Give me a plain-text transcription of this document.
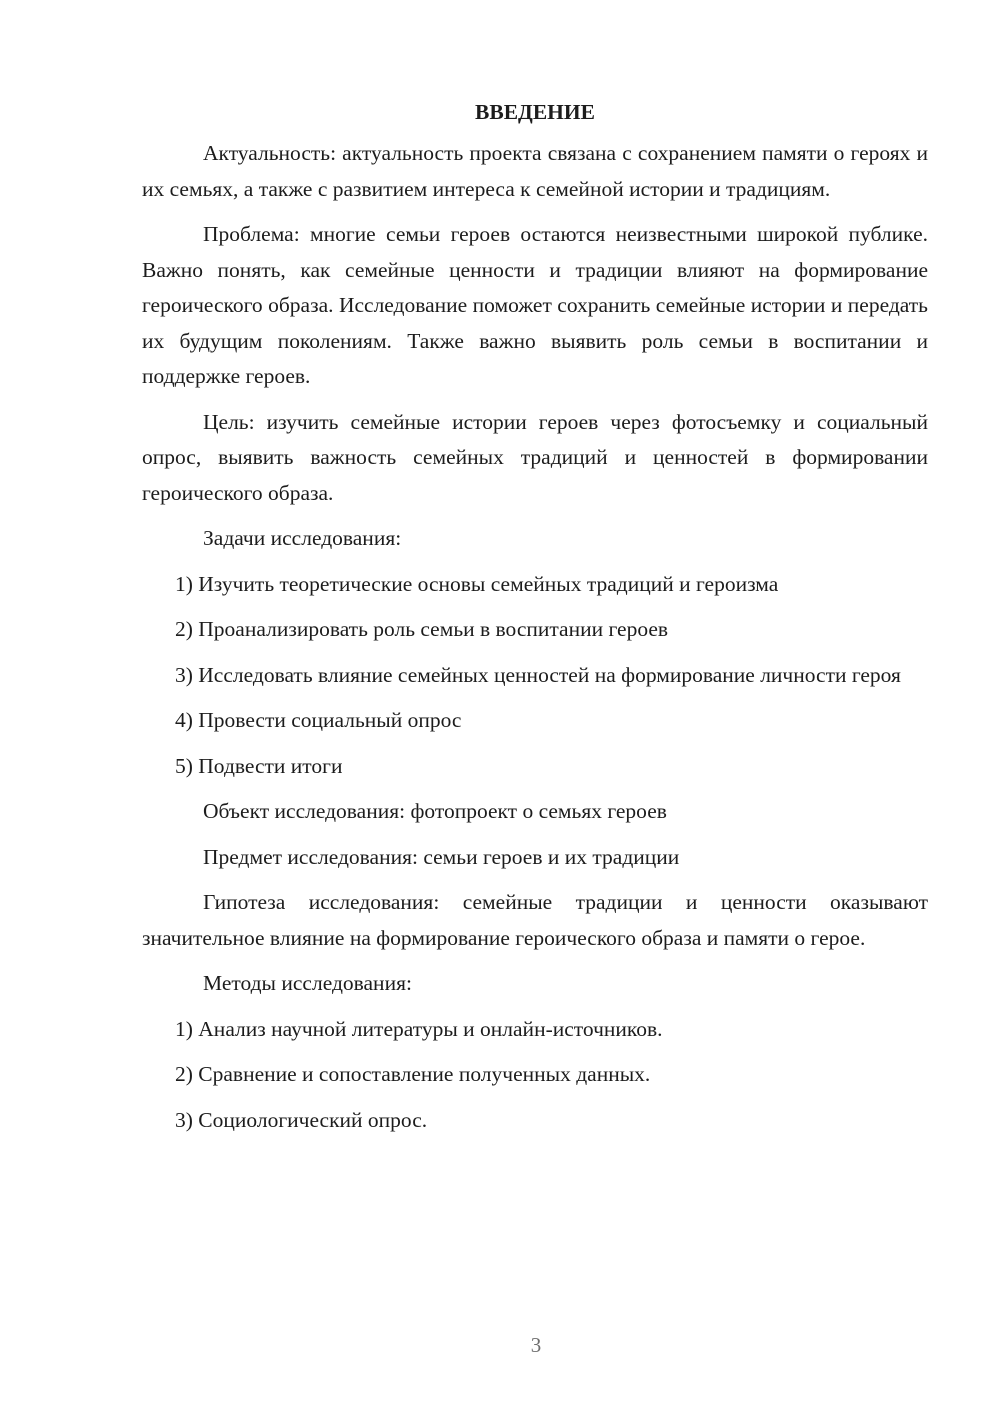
ВВЕДЕНИЕ

Актуальность: актуальность проекта связана с сохранением памяти о героях и их семьях, а также с развитием интереса к семейной истории и традициям.

Проблема: многие семьи героев остаются неизвестными широкой публике. Важно понять, как семейные ценности и традиции влияют на формирование героического образа. Исследование поможет сохранить семейные истории и передать их будущим поколениям. Также важно выявить роль семьи в воспитании и поддержке героев.

Цель: изучить семейные истории героев через фотосъемку и социальный опрос, выявить важность семейных традиций и ценностей в формировании героического образа.

Задачи исследования:

1) Изучить теоретические основы семейных традиций и героизма

2) Проанализировать роль семьи в воспитании героев

3) Исследовать влияние семейных ценностей на формирование личности героя

4) Провести социальный опрос

5) Подвести итоги

Объект исследования: фотопроект о семьях героев

Предмет исследования: семьи героев и их традиции

Гипотеза исследования: семейные традиции и ценности оказывают значительное влияние на формирование героического образа и памяти о герое.

Методы исследования:

1) Анализ научной литературы и онлайн-источников.

2) Сравнение и сопоставление полученных данных.

3) Социологический опрос.

3
